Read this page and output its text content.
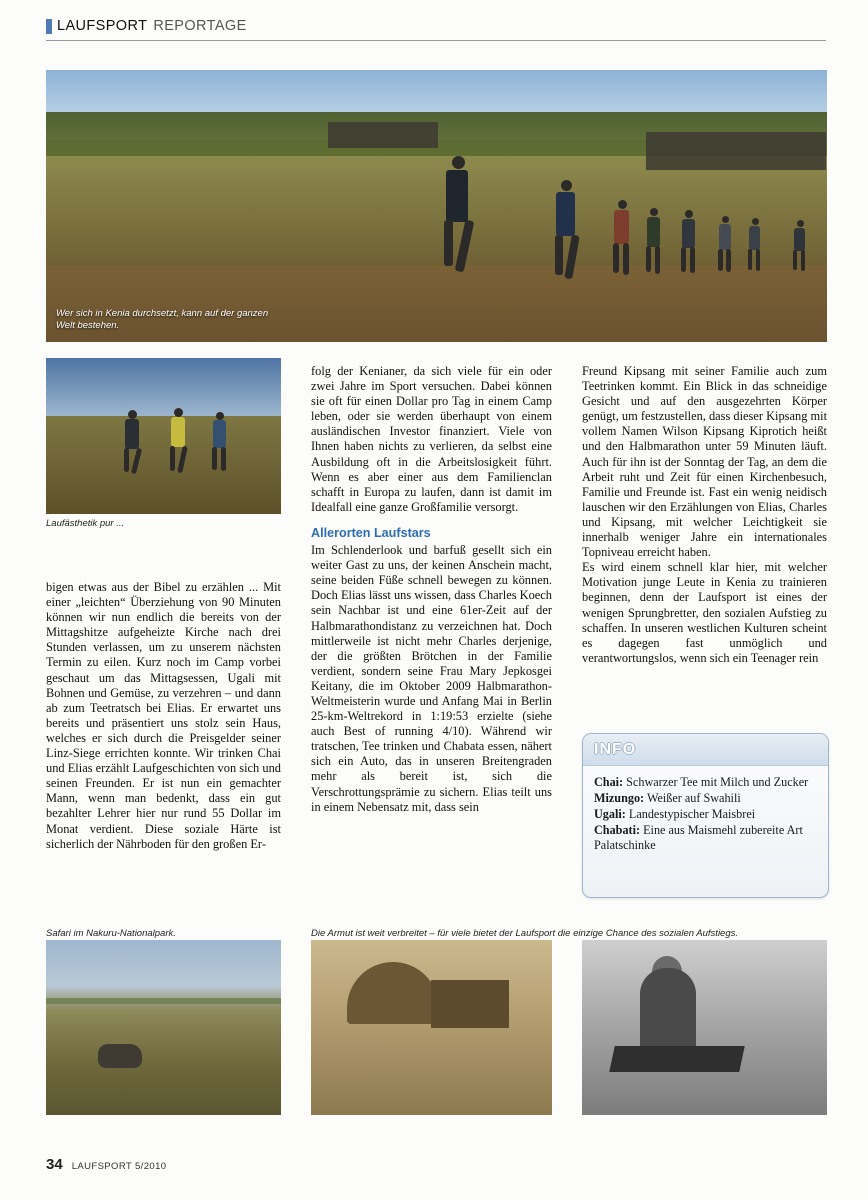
LAUFSPORT REPORTAGE
Wer sich in Kenia durchsetzt, kann auf der ganzen Welt bestehen.
Laufästhetik pur ...

bigen etwas aus der Bibel zu erzählen ... Mit einer „leichten“ Überziehung von 90 Minuten können wir nun endlich die bereits von der Mittagshitze aufgeheizte Kirche nach drei Stunden verlassen, um zu unserem nächsten Termin zu eilen. Kurz noch im Camp vorbei geschaut um das Mittagsessen, Ugali mit Bohnen und Gemüse, zu verzehren – und dann ab zum Teetratsch bei Elias. Er erwartet uns bereits und präsentiert uns stolz sein Haus, welches er sich durch die Preisgelder seiner Linz-Siege errichten konnte. Wir trinken Chai und Elias erzählt Laufgeschichten von sich und seinen Freunden. Er ist nun ein gemachter Mann, wenn man bedenkt, dass ein gut bezahlter Lehrer hier nur rund 55 Dollar im Monat verdient. Diese soziale Härte ist sicherlich der Nährboden für den großen Er-

folg der Kenianer, da sich viele für ein oder zwei Jahre im Sport versuchen. Dabei können sie oft für einen Dollar pro Tag in einem Camp leben, oder sie werden überhaupt von einem ausländischen Investor finanziert. Viele von Ihnen haben nichts zu verlieren, da selbst eine Ausbildung oft in die Arbeitslosigkeit führt. Wenn es aber einer aus dem Familienclan schafft in Europa zu laufen, dann ist damit im Idealfall eine ganze Großfamilie versorgt.

Allerorten Laufstars

Im Schlenderlook und barfuß gesellt sich ein weiter Gast zu uns, der keinen Anschein macht, seine beiden Füße schnell bewegen zu können. Doch Elias lässt uns wissen, dass Charles Koech sein Nachbar ist und eine 61er-Zeit auf der Halbmarathondistanz zu verzeichnen hat. Doch mittlerweile ist nicht mehr Charles derjenige, der die größten Brötchen in der Familie verdient, sondern seine Frau Mary Jepkosgei Keitany, die im Oktober 2009 Halbmarathon-Weltmeisterin wurde und Anfang Mai in Berlin 25-km-Weltrekord in 1:19:53 erzielte (siehe auch Best of running 4/10). Während wir tratschen, Tee trinken und Chabata essen, nähert sich ein Auto, das in unseren Breitengraden mehr als bereit ist, sich die Verschrottungsprämie zu sichern. Elias teilt uns in einem Nebensatz mit, dass sein

Freund Kipsang mit seiner Familie auch zum Teetrinken kommt. Ein Blick in das schneidige Gesicht und auf den ausgezehrten Körper genügt, um festzustellen, dass dieser Kipsang mit vollem Namen Wilson Kipsang Kiprotich heißt und den Halbmarathon unter 59 Minuten läuft. Auch für ihn ist der Sonntag der Tag, an dem die Arbeit ruht und Zeit für einen Kirchenbesuch, Familie und Freunde ist. Fast ein wenig neidisch lauschen wir den Erzählungen von Elias, Charles und Kipsang, mit welcher Leichtigkeit sie innerhalb weniger Jahre ein internationales Topniveau erreicht haben.

Es wird einem schnell klar hier, mit welcher Motivation junge Leute in Kenia zu trainieren beginnen, denn der Laufsport ist eines der wenigen Sprungbretter, den sozialen Aufstieg zu schaffen. In unseren westlichen Kulturen scheint es dagegen fast unmöglich und verantwortungslos, wenn sich ein Teenager rein

INFO
Chai: Schwarzer Tee mit Milch und Zucker
Mizungo: Weißer auf Swahili
Ugali: Landestypischer Maisbrei
Chabati: Eine aus Maismehl zubereite Art Palatschinke
Safari im Nakuru-Nationalpark.	Die Armut ist weit verbreitet – für viele bietet der Laufsport die einzige Chance des sozialen Aufstiegs.
34 LAUFSPORT 5/2010
